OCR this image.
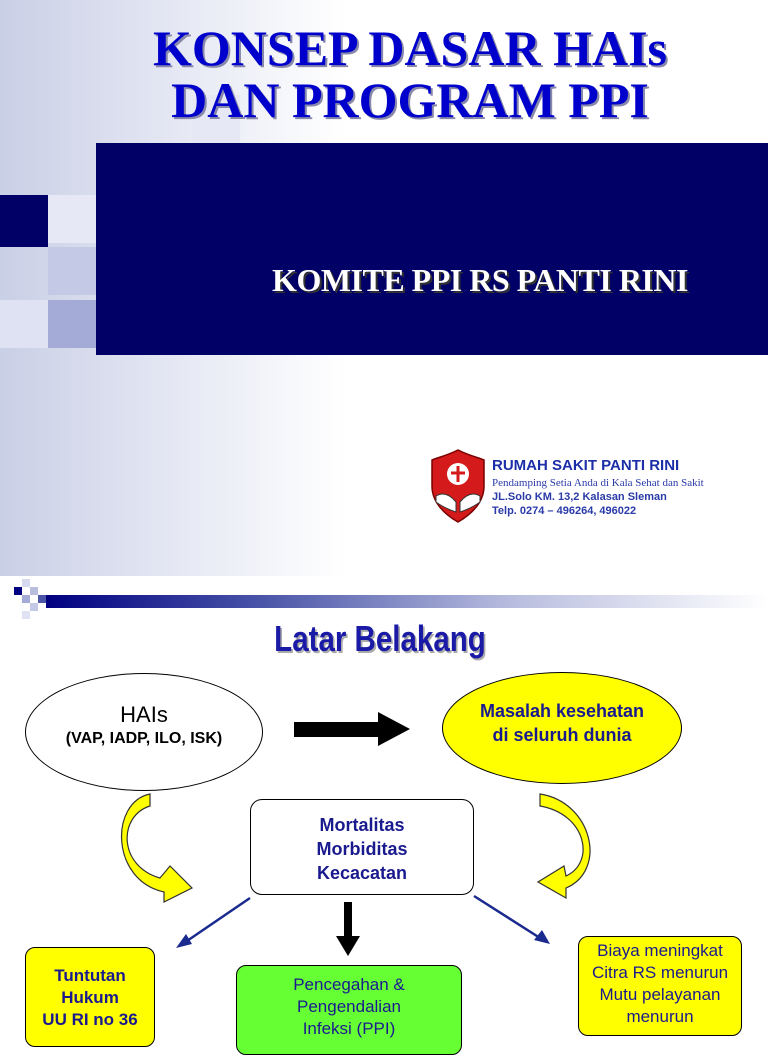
KONSEP DASAR HAIs
DAN PROGRAM PPI
KOMITE PPI RS PANTI RINI
RUMAH SAKIT PANTI RINI
Pendamping Setia Anda di Kala Sehat dan Sakit
JL.Solo KM. 13,2 Kalasan Sleman
Telp. 0274 – 496264, 496022
Latar Belakang
HAIs
(VAP, IADP, ILO, ISK)
Masalah kesehatan
di seluruh dunia
Mortalitas
Morbiditas
Kecacatan
Tuntutan
Hukum
UU RI no 36
Pencegahan &
Pengendalian
Infeksi (PPI)
Biaya meningkat
Citra RS menurun
Mutu pelayanan
menurun
